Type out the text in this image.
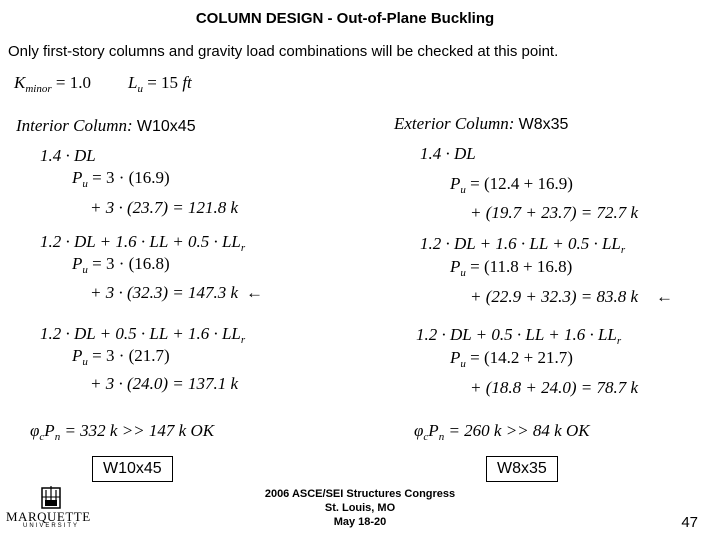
COLUMN DESIGN - Out-of-Plane Buckling
Only first-story columns and gravity load combinations will be checked at this point.
$K_{minor} = 1.0$ $L_u = 15$ ft
Interior Column: W10x45
1.4 · DL
$P_u = 3 \cdot (16.9)$
+ 3 · (23.7) = 121.8 k
1.2 · DL + 1.6 · LL + $0.5 \cdot LL_r$
$P_u = 3 \cdot (16.8)$
+ 3 · (32.3) = 147.3 k ←
1.2 · DL + 0.5 · LL + $1.6 \cdot LL_r$
$P_u = 3 \cdot (21.7)$
+ 3 · (24.0) = 137.1 k
$\varphi_cP_n = 332$ k >> 147 k OK
W10x45
Exterior Column: W8x35
1.4 · DL
$P_u = (12.4 + 16.9)$
+ (19.7 + 23.7) = 72.7 k
1.2 · DL + 1.6 · LL + $0.5 \cdot LL_r$
$P_u = (11.8 + 16.8)$
+ (22.9 + 32.3) = 83.8 k ←
1.2 · DL + 0.5 · LL + $1.6 \cdot LL_r$
$P_u = (14.2 + 21.7)$
+ (18.8 + 24.0) = 78.7 k
$\varphi_cP_n = 260$ k >> 84 k OK
W8x35
MARQUETTE
UNIVERSITY
2006 ASCE/SEI Structures Congress
St. Louis, MO
May 18-20	47
